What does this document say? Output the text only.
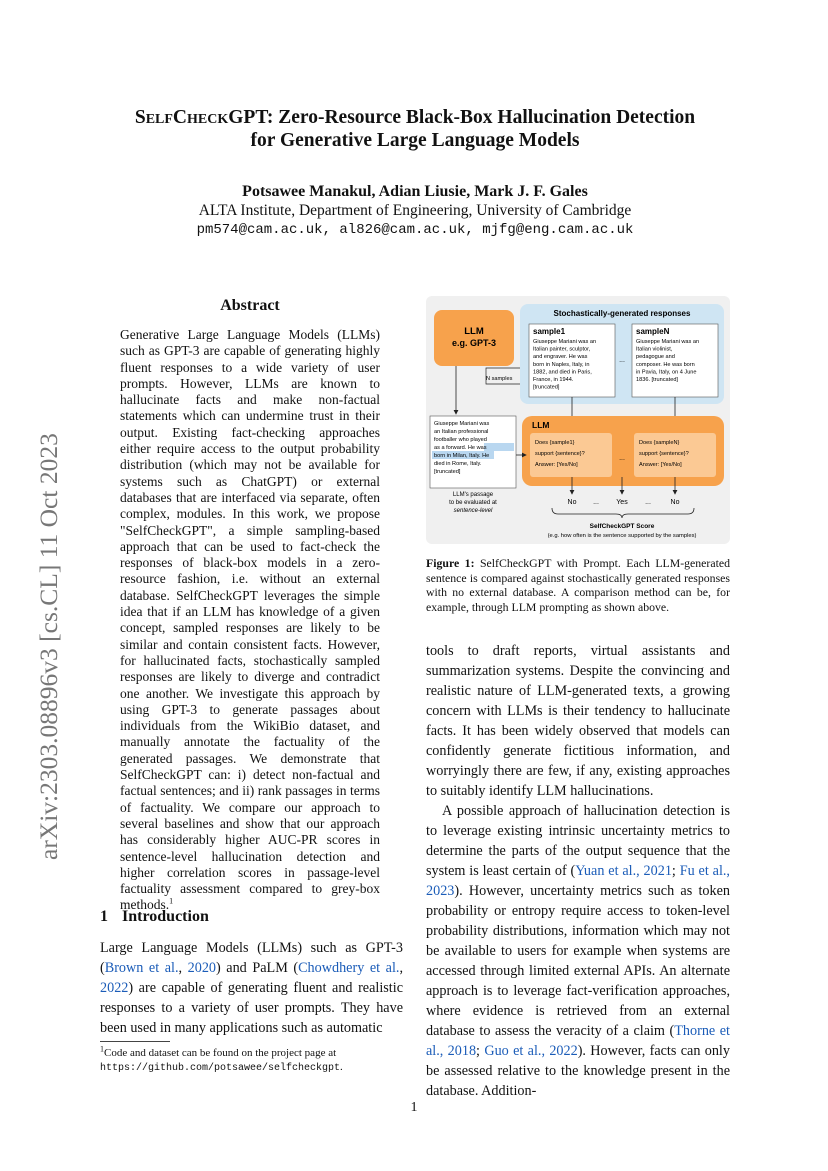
SelfCheckGPT: Zero-Resource Black-Box Hallucination Detection
for Generative Large Language Models
Potsawee Manakul, Adian Liusie, Mark J. F. Gales
ALTA Institute, Department of Engineering, University of Cambridge
pm574@cam.ac.uk, al826@cam.ac.uk, mjfg@eng.cam.ac.uk
arXiv:2303.08896v3 [cs.CL] 11 Oct 2023
Abstract
Generative Large Language Models (LLMs) such as GPT-3 are capable of generating highly fluent responses to a wide variety of user prompts. However, LLMs are known to hallucinate facts and make non-factual statements which can undermine trust in their output. Existing fact-checking approaches either require access to the output probability distribution (which may not be available for systems such as ChatGPT) or external databases that are interfaced via separate, often complex, modules. In this work, we propose "SelfCheckGPT", a simple sampling-based approach that can be used to fact-check the responses of black-box models in a zero-resource fashion, i.e. without an external database. SelfCheckGPT leverages the simple idea that if an LLM has knowledge of a given concept, sampled responses are likely to be similar and contain consistent facts. However, for hallucinated facts, stochastically sampled responses are likely to diverge and contradict one another. We investigate this approach by using GPT-3 to generate passages about individuals from the WikiBio dataset, and manually annotate the factuality of the generated passages. We demonstrate that SelfCheckGPT can: i) detect non-factual and factual sentences; and ii) rank passages in terms of factuality. We compare our approach to several baselines and show that our approach has considerably higher AUC-PR scores in sentence-level hallucination detection and higher correlation scores in passage-level factuality assessment compared to grey-box methods.$^1$
1 Introduction
Large Language Models (LLMs) such as GPT-3 (Brown et al., 2020) and PaLM (Chowdhery et al., 2022) are capable of generating fluent and realistic responses to a variety of user prompts. They have been used in many applications such as automatic
$^1$Code and dataset can be found on the project page at
https://github.com/potsawee/selfcheckgpt.
LLM
e.g. GPT-3
Stochastically-generated responses
sample1
Giuseppe Mariani was an Italian painter, sculptor, and engraver. He was born in Naples, Italy, in 1882, and died in Paris, France, in 1944. [truncated]
...
sampleN
Giuseppe Mariani was an Italian violinist, pedagogue and composer. He was born in Pavia, Italy, on 4 June 1836. [truncated]
N samples
Giuseppe Mariani was an Italian professional footballer who played as a forward. He was born in Milan, Italy. He died in Rome, Italy. [truncated]
LLM's passage to be evaluated at sentence-level
LLM
Does {sample1} support {sentence}? Answer: [Yes/No]
Does {sampleN} support {sentence}? Answer: [Yes/No]
...
No ... Yes ...	No
SelfCheckGPT Score
(e.g. how often is the sentence supported by the samples)
Figure 1: SelfCheckGPT with Prompt. Each LLM-generated sentence is compared against stochastically generated responses with no external database. A comparison method can be, for example, through LLM prompting as shown above.

tools to draft reports, virtual assistants and summarization systems. Despite the convincing and realistic nature of LLM-generated texts, a growing concern with LLMs is their tendency to hallucinate facts. It has been widely observed that models can confidently generate fictitious information, and worryingly there are few, if any, existing approaches to suitably identify LLM hallucinations.

A possible approach of hallucination detection is to leverage existing intrinsic uncertainty metrics to determine the parts of the output sequence that the system is least certain of (Yuan et al., 2021; Fu et al., 2023). However, uncertainty metrics such as token probability or entropy require access to token-level probability distributions, information which may not be available to users for example when systems are accessed through limited external APIs. An alternate approach is to leverage fact-verification approaches, where evidence is retrieved from an external database to assess the veracity of a claim (Thorne et al., 2018; Guo et al., 2022). However, facts can only be assessed relative to the knowledge present in the database. Addition-

1
